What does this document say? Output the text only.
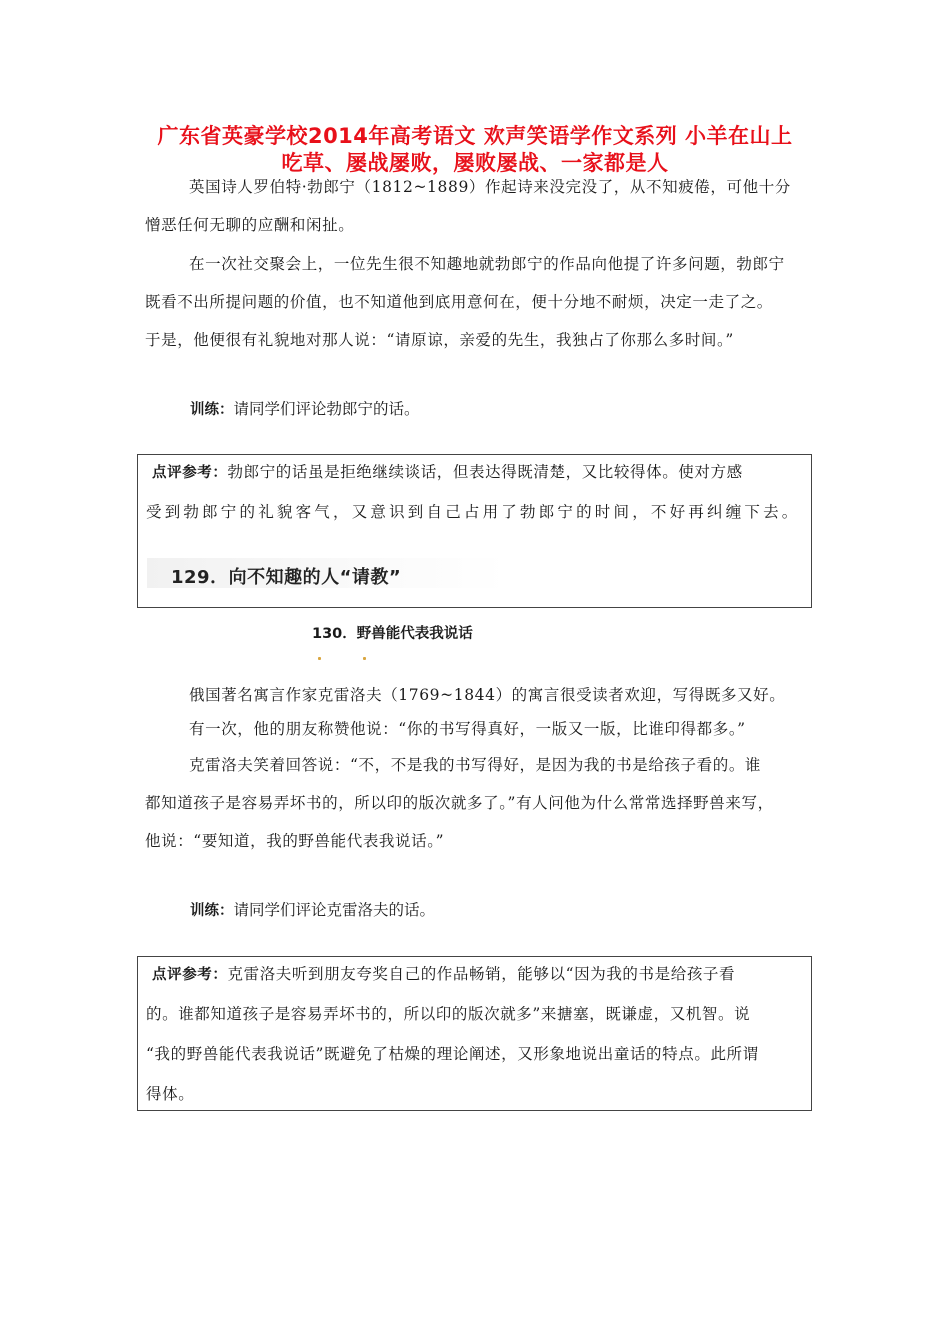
广东省英豪学校2014年高考语文 欢声笑语学作文系列 小羊在山上
吃草、屡战屡败，屡败屡战、一家都是人
英国诗人罗伯特·勃郎宁（1812~1889）作起诗来没完没了，从不知疲倦，可他十分
憎恶任何无聊的应酬和闲扯。
在一次社交聚会上，一位先生很不知趣地就勃郎宁的作品向他提了许多问题，勃郎宁
既看不出所提问题的价值，也不知道他到底用意何在，便十分地不耐烦，决定一走了之。
于是，他便很有礼貌地对那人说：“请原谅，亲爱的先生，我独占了你那么多时间。”
训练：请同学们评论勃郎宁的话。
点评参考：勃郎宁的话虽是拒绝继续谈话，但表达得既清楚，又比较得体。使对方感
受到勃郎宁的礼貌客气，又意识到自己占用了勃郎宁的时间，不好再纠缠下去。
129．向不知趣的人“请教”
130．野兽能代表我说话
俄国著名寓言作家克雷洛夫（1769~1844）的寓言很受读者欢迎，写得既多又好。
有一次，他的朋友称赞他说：“你的书写得真好，一版又一版，比谁印得都多。”
克雷洛夫笑着回答说：“不，不是我的书写得好，是因为我的书是给孩子看的。谁
都知道孩子是容易弄坏书的，所以印的版次就多了。”有人问他为什么常常选择野兽来写，
他说：“要知道，我的野兽能代表我说话。”
训练：请同学们评论克雷洛夫的话。
点评参考：克雷洛夫听到朋友夸奖自己的作品畅销，能够以“因为我的书是给孩子看
的。谁都知道孩子是容易弄坏书的，所以印的版次就多”来搪塞，既谦虚，又机智。说
“我的野兽能代表我说话”既避免了枯燥的理论阐述，又形象地说出童话的特点。此所谓
得体。
